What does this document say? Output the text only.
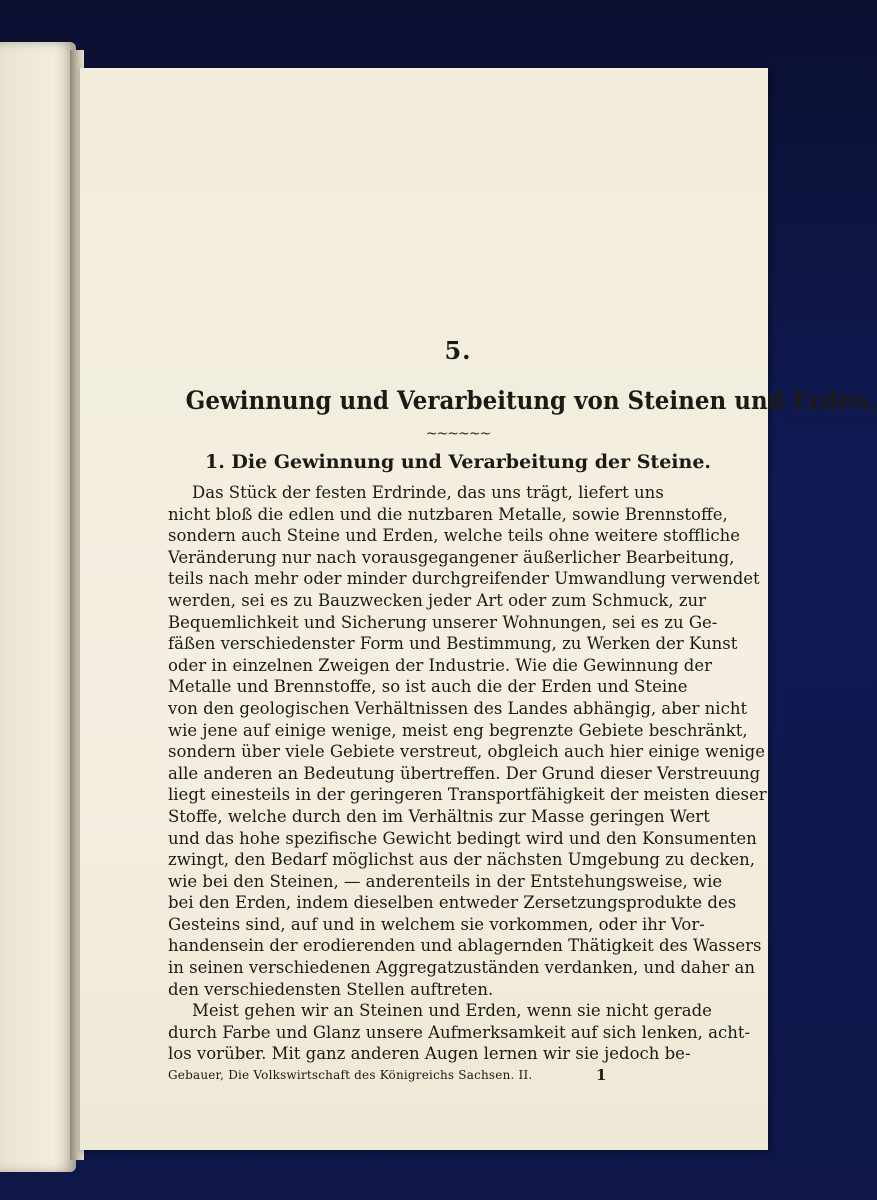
5.
Gewinnung und Verarbeitung von Steinen und Erden.
~~~~~~
1. Die Gewinnung und Verarbeitung der Steine.
Das Stück der festen Erdrinde, das uns trägt, liefert uns
nicht bloß die edlen und die nutzbaren Metalle, sowie Brennstoffe,
sondern auch Steine und Erden, welche teils ohne weitere stoffliche
Veränderung nur nach vorausgegangener äußerlicher Bearbeitung,
teils nach mehr oder minder durchgreifender Umwandlung verwendet
werden, sei es zu Bauzwecken jeder Art oder zum Schmuck, zur
Bequemlichkeit und Sicherung unserer Wohnungen, sei es zu Ge-
fäßen verschiedenster Form und Bestimmung, zu Werken der Kunst
oder in einzelnen Zweigen der Industrie. Wie die Gewinnung der
Metalle und Brennstoffe, so ist auch die der Erden und Steine
von den geologischen Verhältnissen des Landes abhängig, aber nicht
wie jene auf einige wenige, meist eng begrenzte Gebiete beschränkt,
sondern über viele Gebiete verstreut, obgleich auch hier einige wenige
alle anderen an Bedeutung übertreffen. Der Grund dieser Verstreuung
liegt einesteils in der geringeren Transportfähigkeit der meisten dieser
Stoffe, welche durch den im Verhältnis zur Masse geringen Wert
und das hohe spezifische Gewicht bedingt wird und den Konsumenten
zwingt, den Bedarf möglichst aus der nächsten Umgebung zu decken,
wie bei den Steinen, — anderenteils in der Entstehungsweise, wie
bei den Erden, indem dieselben entweder Zersetzungsprodukte des
Gesteins sind, auf und in welchem sie vorkommen, oder ihr Vor-
handensein der erodierenden und ablagernden Thätigkeit des Wassers
in seinen verschiedenen Aggregatzuständen verdanken, und daher an
den verschiedensten Stellen auftreten.
Meist gehen wir an Steinen und Erden, wenn sie nicht gerade
durch Farbe und Glanz unsere Aufmerksamkeit auf sich lenken, acht-
los vorüber. Mit ganz anderen Augen lernen wir sie jedoch be-
Gebauer, Die Volkswirtschaft des Königreichs Sachsen. II.	1
